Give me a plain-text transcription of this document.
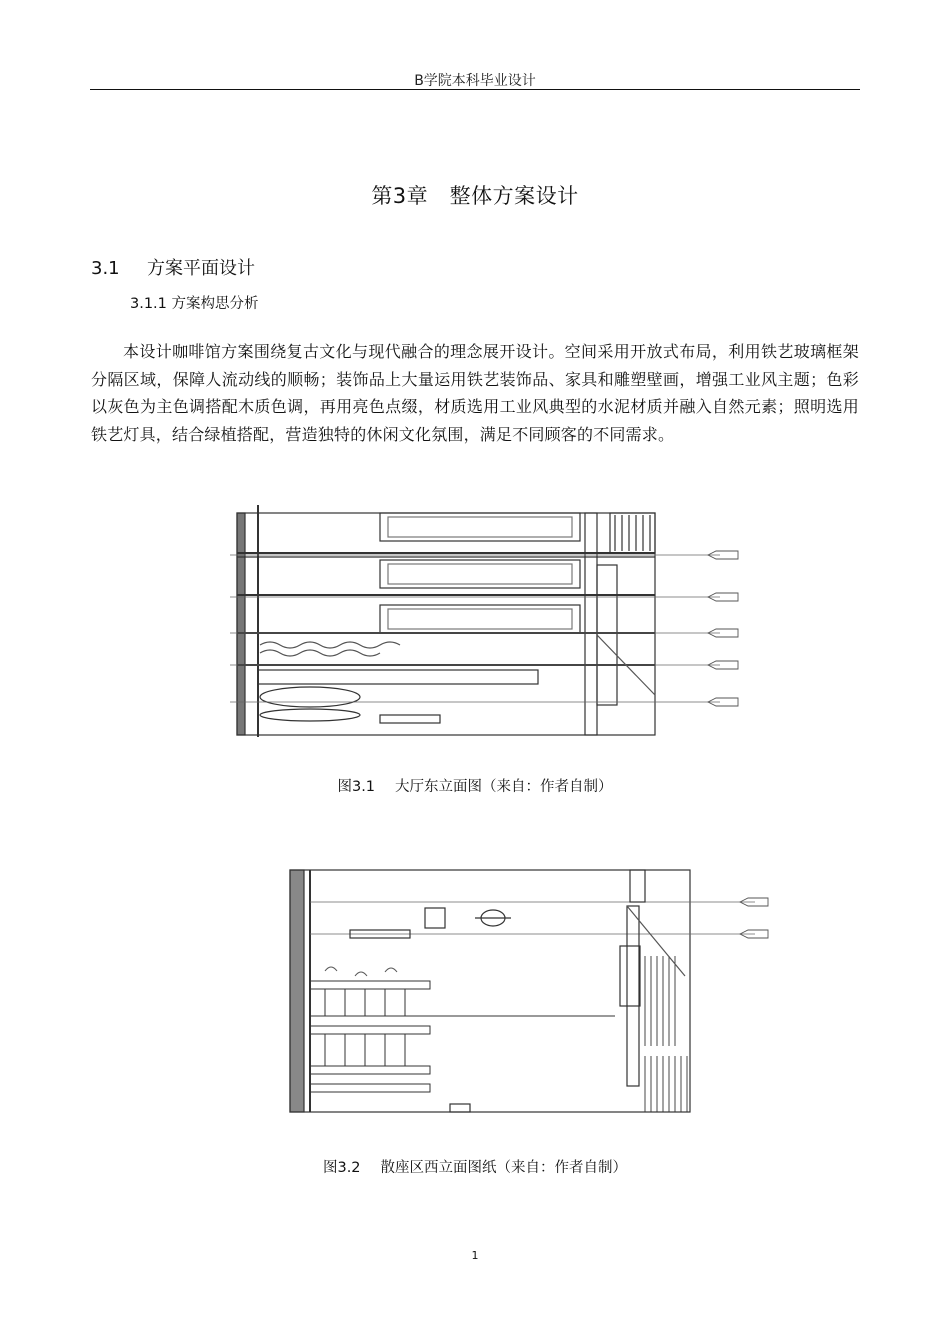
B学院本科毕业设计
第3章　整体方案设计
3.1 方案平面设计
3.1.1 方案构思分析

本设计咖啡馆方案围绕复古文化与现代融合的理念展开设计。空间采用开放式布局，利用铁艺玻璃框架分隔区域，保障人流动线的顺畅；装饰品上大量运用铁艺装饰品、家具和雕塑壁画，增强工业风主题；色彩以灰色为主色调搭配木质色调，再用亮色点缀，材质选用工业风典型的水泥材质并融入自然元素；照明选用铁艺灯具，结合绿植搭配，营造独特的休闲文化氛围，满足不同顾客的不同需求。

图3.1 大厅东立面图（来自：作者自制）
图3.2 散座区西立面图纸（来自：作者自制）
1
